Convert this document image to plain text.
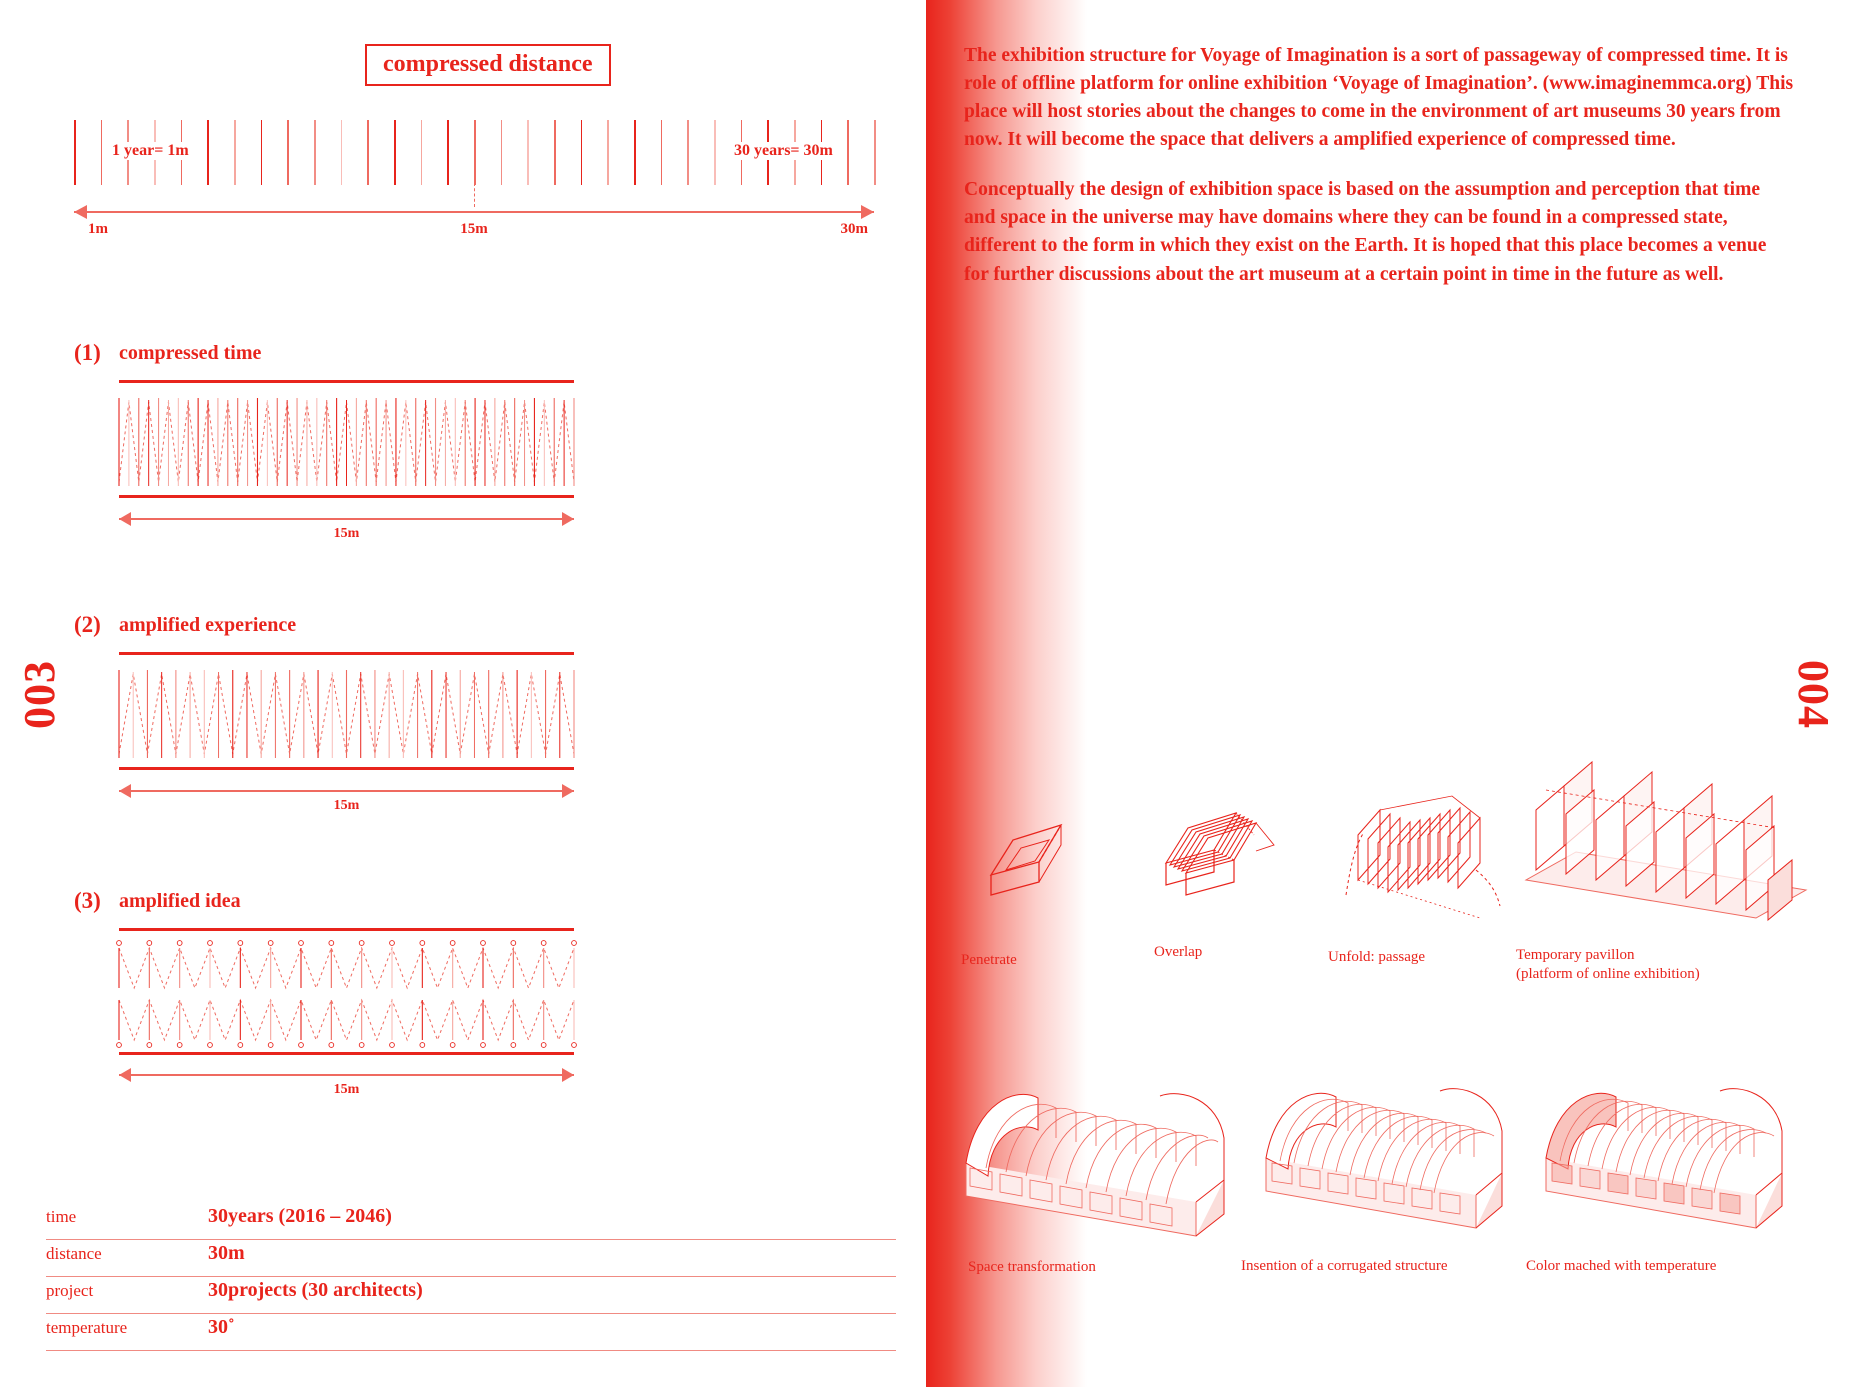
003
compressed distance
1 year= 1m	30 years= 30m
1m	15m	30m
(1) compressed time
15m
(2) amplified experience
15m
(3) amplified idea
15m
time	30years (2016 – 2046)
distance	30m
project	30projects (30 architects)
temperature	30˚
004

The exhibition structure for Voyage of Imagination is a sort of passageway of compressed time. It is role of offline platform for online exhibition ‘Voyage of Imagination’. (www.imaginemmca.org) This place will host stories about the changes to come in the environment of art museums 30 years from now. It will become the space that delivers a amplified experience of compressed time.

Conceptually the design of exhibition space is based on the assumption and perception that time and space in the universe may have domains where they can be found in a compressed state, different to the form in which they exist on the Earth. It is hoped that this place becomes a venue for further discussions about the art museum at a certain point in time in the future as well.

Penetrate	Overlap	Unfold: passage	Temporary pavillon
(platform of online exhibition)
Space transformation	Insention of a corrugated structure	Color mached with temperature
